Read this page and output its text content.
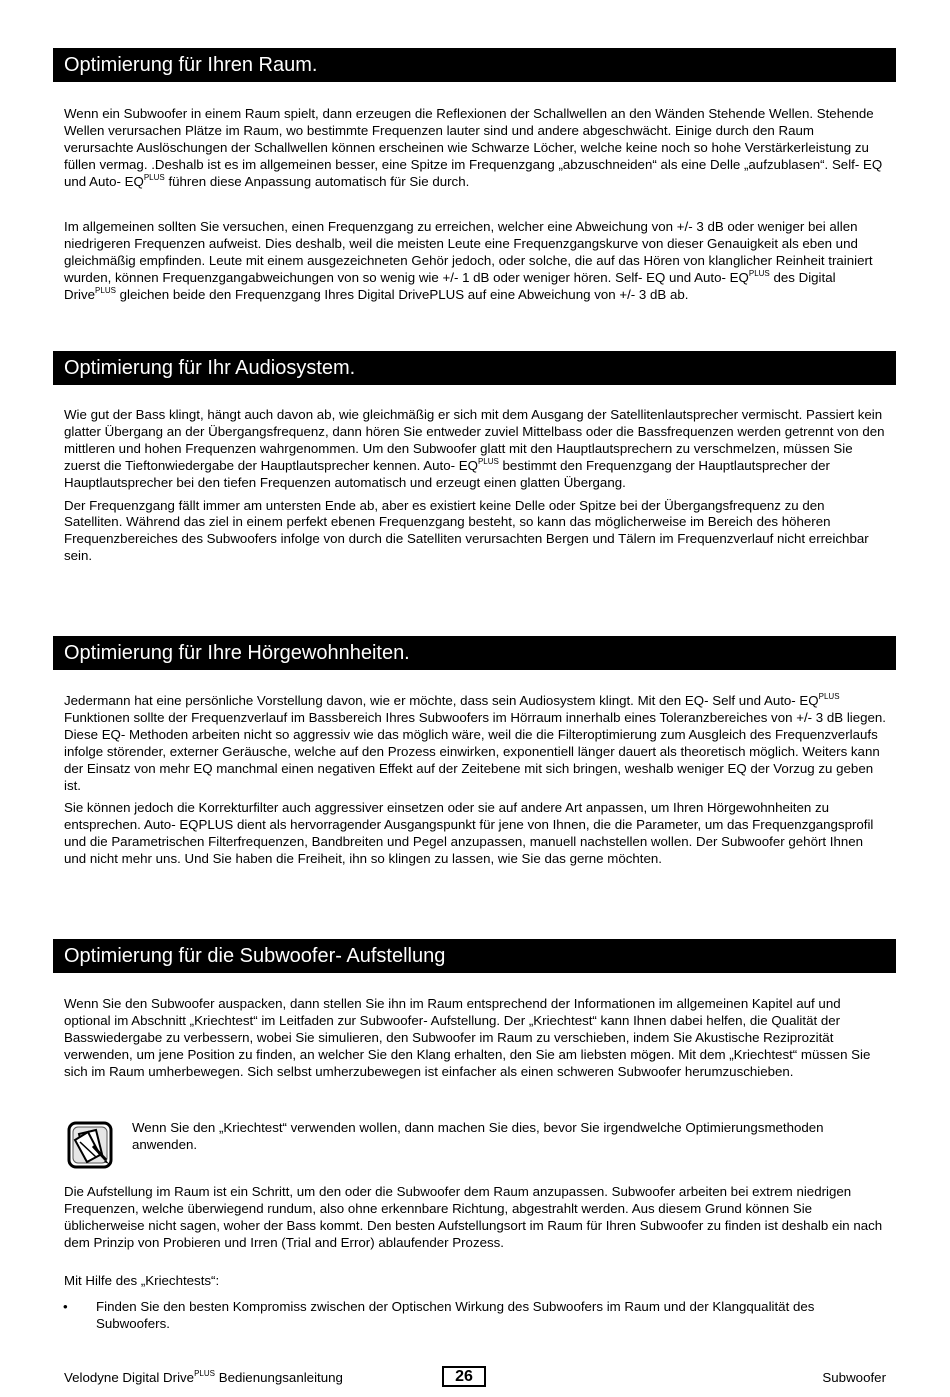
Optimierung für Ihren Raum.

Wenn ein Subwoofer in einem Raum spielt, dann erzeugen die Reflexionen der Schallwellen an den Wänden Stehende Wellen. Stehende Wellen verursachen Plätze im Raum, wo bestimmte Frequenzen lauter sind und andere abgeschwächt. Einige durch den Raum verursachte Auslöschungen der Schallwellen können erscheinen wie Schwarze Löcher, welche keine noch so hohe Verstärkerleistung zu füllen vermag. .Deshalb ist es im allgemeinen besser, eine Spitze im Frequenzgang „abzuschneiden“ als eine Delle „aufzublasen“. Self- EQ und Auto- $EQ^{PLUS}$ führen diese Anpassung automatisch für Sie durch.

Im allgemeinen sollten Sie versuchen, einen Frequenzgang zu erreichen, welcher eine Abweichung von +/- 3 dB oder weniger bei allen niedrigeren Frequenzen aufweist. Dies deshalb, weil die meisten Leute eine Frequenzgangskurve von dieser Genauigkeit als eben und gleichmäßig empfinden. Leute mit einem ausgezeichneten Gehör jedoch, oder solche, die auf das Hören von klanglicher Reinheit trainiert wurden, können Frequenzgangabweichungen von so wenig wie +/- 1 dB oder weniger hören. Self- EQ und Auto- $EQ^{PLUS}$ des Digital Drive$^{PLUS}$ gleichen beide den Frequenzgang Ihres Digital DrivePLUS auf eine Abweichung von +/- 3 dB ab.

Optimierung für Ihr Audiosystem.

Wie gut der Bass klingt, hängt auch davon ab, wie gleichmäßig er sich mit dem Ausgang der Satellitenlautsprecher vermischt. Passiert kein glatter Übergang an der Übergangsfrequenz, dann hören Sie entweder zuviel Mittelbass oder die Bassfrequenzen werden getrennt von den mittleren und hohen Frequenzen wahrgenommen. Um den Subwoofer glatt mit den Hauptlautsprechern zu verschmelzen, müssen Sie zuerst die Tieftonwiedergabe der Hauptlautsprecher kennen. Auto- $EQ^{PLUS}$ bestimmt den Frequenzgang der Hauptlautsprecher der Hauptlautsprecher bei den tiefen Frequenzen automatisch und erzeugt einen glatten Übergang.

Der Frequenzgang fällt immer am untersten Ende ab, aber es existiert keine Delle oder Spitze bei der Übergangsfrequenz zu den Satelliten. Während das ziel in einem perfekt ebenen Frequenzgang besteht, so kann das möglicherweise im Bereich des höheren Frequenzbereiches des Subwoofers infolge von durch die Satelliten verursachten Bergen und Tälern im Frequenzverlauf nicht erreichbar sein.

Optimierung für Ihre Hörgewohnheiten.

Jedermann hat eine persönliche Vorstellung davon, wie er möchte, dass sein Audiosystem klingt. Mit den EQ- Self und Auto- $EQ^{PLUS}$ Funktionen sollte der Frequenzverlauf im Bassbereich Ihres Subwoofers im Hörraum innerhalb eines Toleranzbereiches von +/- 3 dB liegen. Diese EQ- Methoden arbeiten nicht so aggressiv wie das möglich wäre, weil die die Filteroptimierung zum Ausgleich des Frequenzverlaufs infolge störender, externer Geräusche, welche auf den Prozess einwirken, exponentiell länger dauert als theoretisch möglich. Weiters kann der Einsatz von mehr EQ manchmal einen negativen Effekt auf der Zeitebene mit sich bringen, weshalb weniger EQ der Vorzug zu geben ist.

Sie können jedoch die Korrekturfilter auch aggressiver einsetzen oder sie auf andere Art anpassen, um Ihren Hörgewohnheiten zu entsprechen. Auto- EQPLUS dient als hervorragender Ausgangspunkt für jene von Ihnen, die die Parameter, um das Frequenzgangsprofil und die Parametrischen Filterfrequenzen, Bandbreiten und Pegel anzupassen, manuell nachstellen wollen. Der Subwoofer gehört Ihnen und nicht mehr uns. Und Sie haben die Freiheit, ihn so klingen zu lassen, wie Sie das gerne möchten.

Optimierung für die Subwoofer- Aufstellung

Wenn Sie den Subwoofer auspacken, dann stellen Sie ihn im Raum entsprechend der Informationen im allgemeinen Kapitel auf und optional im Abschnitt „Kriechtest“ im Leitfaden zur Subwoofer- Aufstellung. Der „Kriechtest“ kann Ihnen dabei helfen, die Qualität der Basswiedergabe zu verbessern, wobei Sie simulieren, den Subwoofer im Raum zu verschieben, indem Sie Akustische Reziprozität verwenden, um jene Position zu finden, an welcher Sie den Klang erhalten, den Sie am liebsten mögen. Mit dem „Kriechtest“ müssen Sie sich im Raum umherbewegen. Sich selbst umherzubewegen ist einfacher als einen schweren Subwoofer herumzuschieben.

Wenn Sie den „Kriechtest“ verwenden wollen, dann machen Sie dies, bevor Sie irgendwelche Optimierungsmethoden anwenden.

Die Aufstellung im Raum ist ein Schritt, um den oder die Subwoofer dem Raum anzupassen. Subwoofer arbeiten bei extrem niedrigen Frequenzen, welche überwiegend rundum, also ohne erkennbare Richtung, abgestrahlt werden. Aus diesem Grund können Sie üblicherweise nicht sagen, woher der Bass kommt. Den besten Aufstellungsort im Raum für Ihren Subwoofer zu finden ist deshalb ein nach dem Prinzip von Probieren und Irren (Trial and Error) ablaufender Prozess.

Mit Hilfe des „Kriechtests“:

• Finden Sie den besten Kompromiss zwischen der Optischen Wirkung des Subwoofers im Raum und der Klangqualität des Subwoofers.
Velodyne Digital Drive$^{PLUS}$ Bedienungsanleitung	26	Subwoofer
